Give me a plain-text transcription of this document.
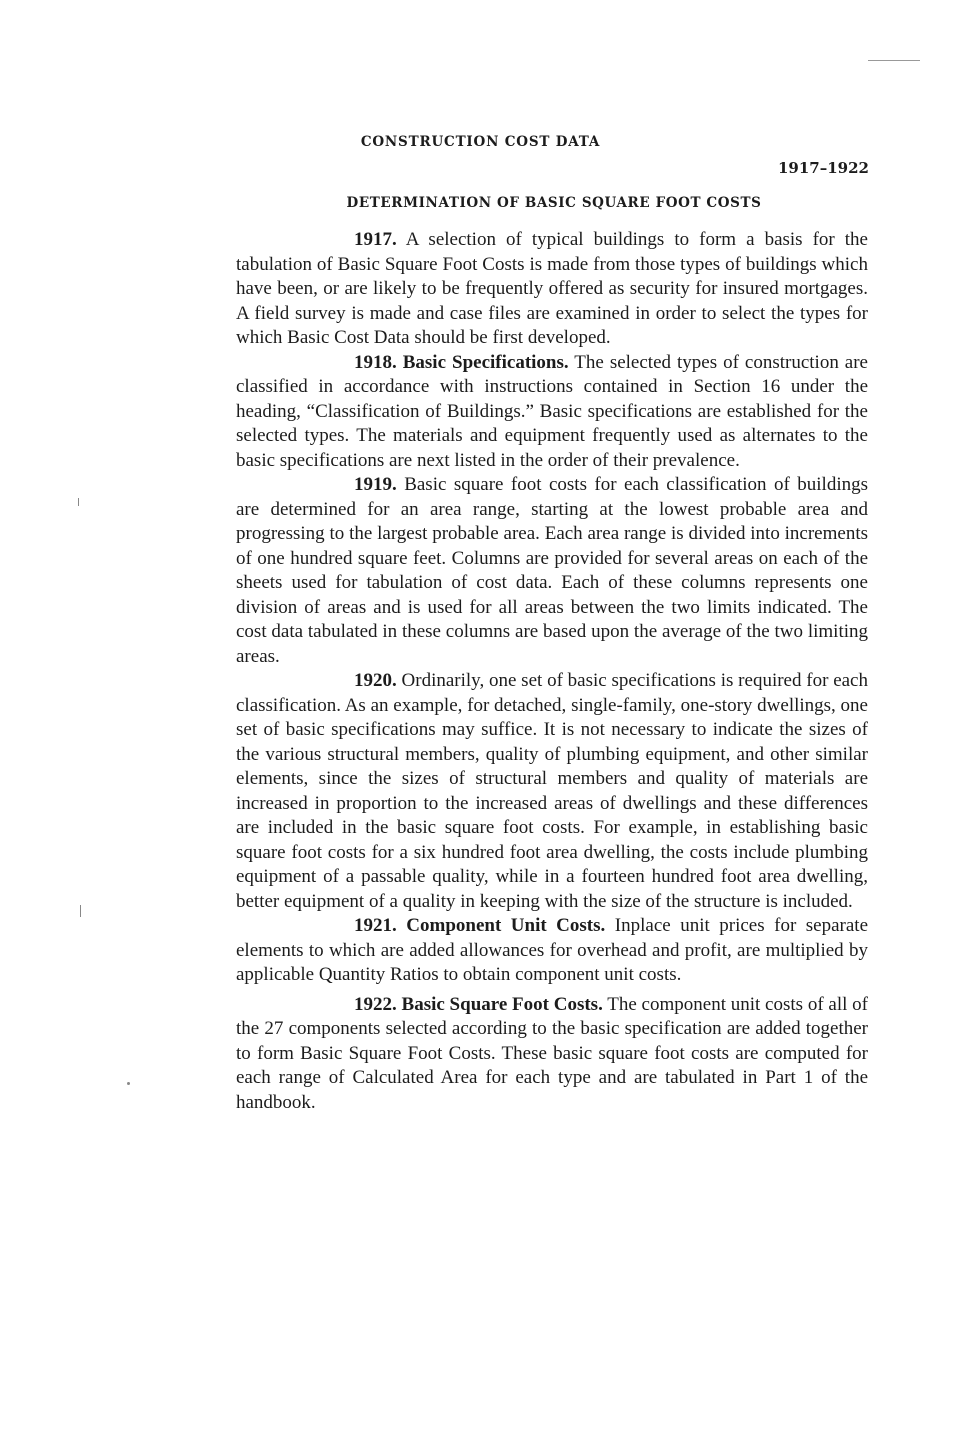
CONSTRUCTION COST DATA
1917–1922
DETERMINATION OF BASIC SQUARE FOOT COSTS

1917. A selection of typical buildings to form a basis for the tabulation of Basic Square Foot Costs is made from those types of buildings which have been, or are likely to be frequently offered as security for insured mortgages. A field survey is made and case files are examined in order to select the types for which Basic Cost Data should be first developed.

1918. Basic Specifications. The selected types of construction are classified in accordance with instructions contained in Section 16 under the heading, “Classification of Buildings.” Basic specifications are established for the selected types. The materials and equipment frequently used as alternates to the basic specifications are next listed in the order of their prevalence.

1919. Basic square foot costs for each classification of buildings are determined for an area range, starting at the lowest probable area and progressing to the largest probable area. Each area range is divided into increments of one hundred square feet. Columns are provided for several areas on each of the sheets used for tabulation of cost data. Each of these columns represents one division of areas and is used for all areas between the two limits indicated. The cost data tabulated in these columns are based upon the average of the two limiting areas.

1920. Ordinarily, one set of basic specifications is required for each classification. As an example, for detached, single-family, one-story dwellings, one set of basic specifications may suffice. It is not necessary to indicate the sizes of the various structural members, quality of plumbing equipment, and other similar elements, since the sizes of structural members and quality of materials are increased in proportion to the increased areas of dwellings and these differences are included in the basic square foot costs. For example, in establishing basic square foot costs for a six hundred foot area dwelling, the costs include plumbing equipment of a passable quality, while in a fourteen hundred foot area dwelling, better equipment of a quality in keeping with the size of the structure is included.

1921. Component Unit Costs. Inplace unit prices for separate elements to which are added allowances for overhead and profit, are multiplied by applicable Quantity Ratios to obtain component unit costs.

1922. Basic Square Foot Costs. The component unit costs of all of the 27 components selected according to the basic specification are added together to form Basic Square Foot Costs. These basic square foot costs are computed for each range of Calculated Area for each type and are tabulated in Part 1 of the handbook.
